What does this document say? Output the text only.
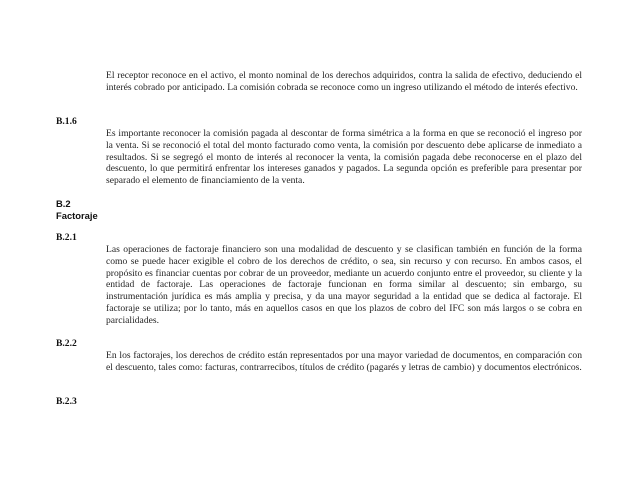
El receptor reconoce en el activo, el monto nominal de los derechos adquiridos, contra la salida de efectivo, deduciendo el interés cobrado por anticipado. La comisión cobrada se reconoce como un ingreso utilizando el método de interés efectivo.

B.1.6

Es importante reconocer la comisión pagada al descontar de forma simétrica a la forma en que se reconoció el ingreso por la venta. Si se reconoció el total del monto facturado como venta, la comisión por descuento debe aplicarse de inmediato a resultados. Si se segregó el monto de interés al reconocer la venta, la comisión pagada debe reconocerse en el plazo del descuento, lo que permitirá enfrentar los intereses ganados y pagados. La segunda opción es preferible para presentar por separado el elemento de financiamiento de la venta.

B.2
Factoraje

B.2.1

Las operaciones de factoraje financiero son una modalidad de descuento y se clasifican también en función de la forma como se puede hacer exigible el cobro de los derechos de crédito, o sea, sin recurso y con recurso. En ambos casos, el propósito es financiar cuentas por cobrar de un proveedor, mediante un acuerdo conjunto entre el proveedor, su cliente y la entidad de factoraje. Las operaciones de factoraje funcionan en forma similar al descuento; sin embargo, su instrumentación jurídica es más amplia y precisa, y da una mayor seguridad a la entidad que se dedica al factoraje. El factoraje se utiliza; por lo tanto, más en aquellos casos en que los plazos de cobro del IFC son más largos o se cobra en parcialidades.

B.2.2

En los factorajes, los derechos de crédito están representados por una mayor variedad de documentos, en comparación con el descuento, tales como: facturas, contrarrecibos, títulos de crédito (pagarés y letras de cambio) y documentos electrónicos.

B.2.3
